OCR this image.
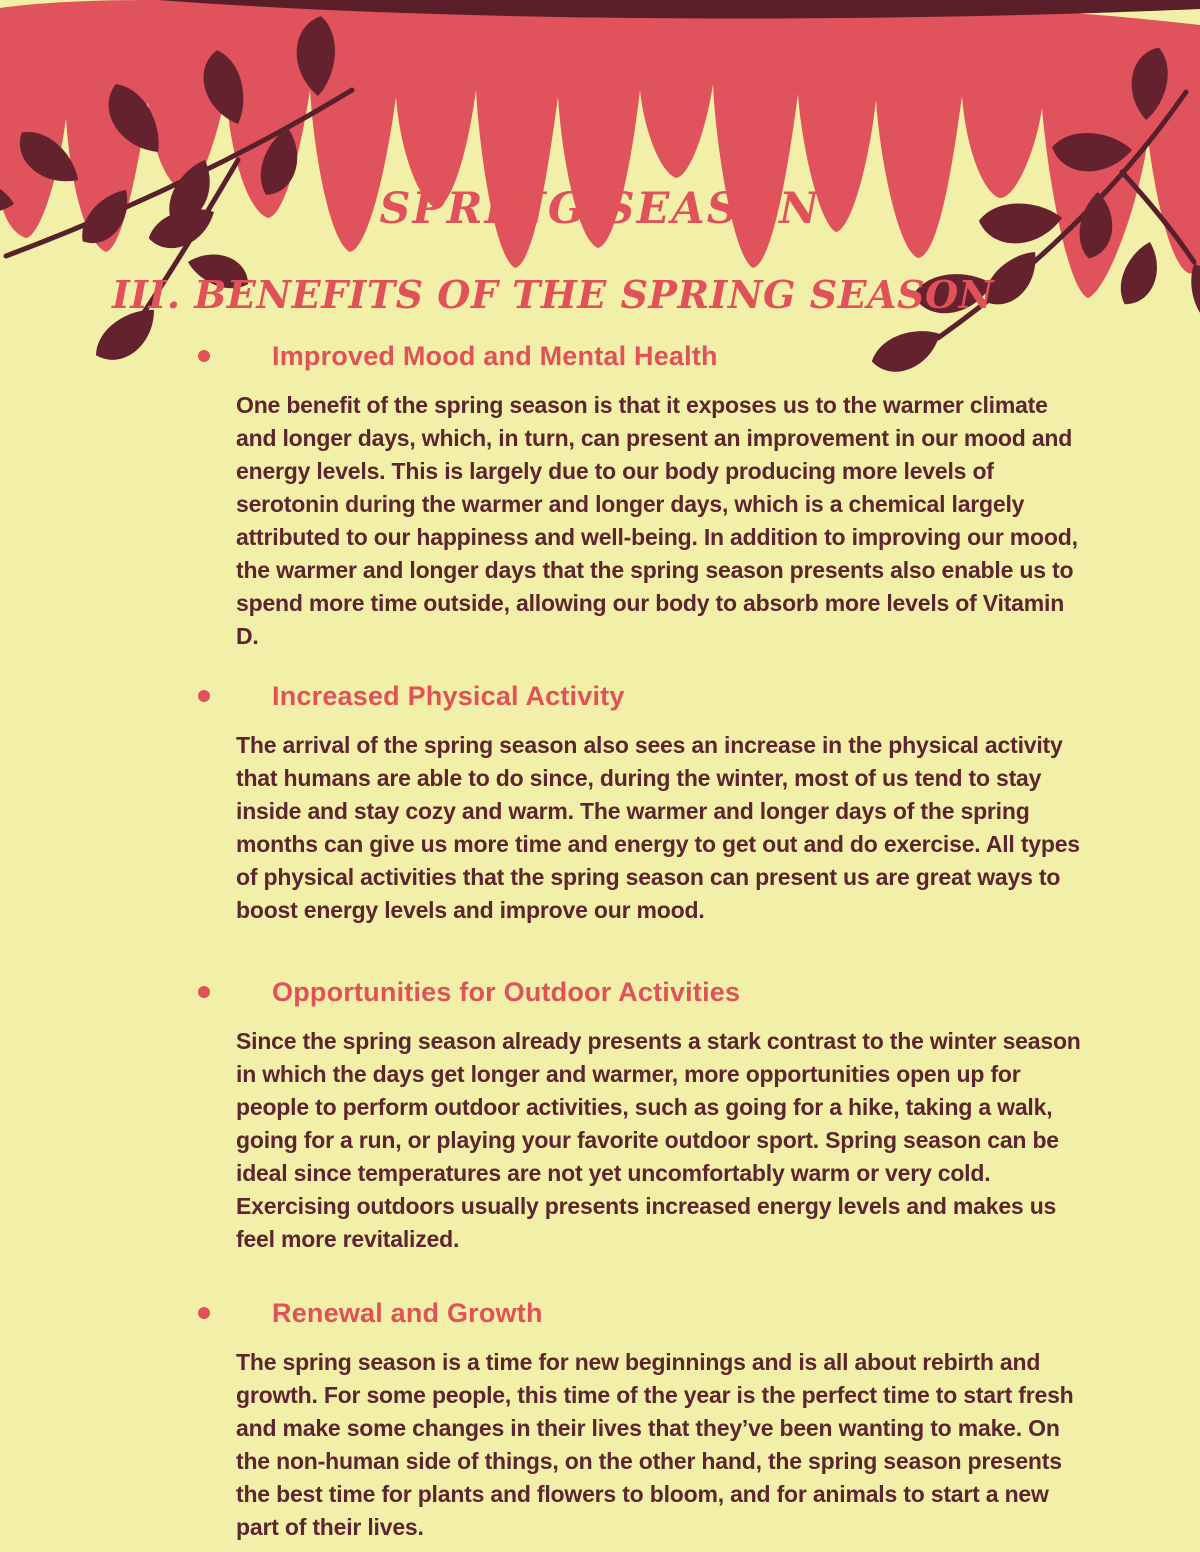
SPRING SEASON
III. BENEFITS OF THE SPRING SEASON
Improved Mood and Mental Health

One benefit of the spring season is that it exposes us to the warmer climate and longer days, which, in turn, can present an improvement in our mood and energy levels. This is largely due to our body producing more levels of serotonin during the warmer and longer days, which is a chemical largely attributed to our happiness and well-being. In addition to improving our mood, the warmer and longer days that the spring season presents also enable us to spend more time outside, allowing our body to absorb more levels of Vitamin D.

Increased Physical Activity

The arrival of the spring season also sees an increase in the physical activity that humans are able to do since, during the winter, most of us tend to stay inside and stay cozy and warm. The warmer and longer days of the spring months can give us more time and energy to get out and do exercise. All types of physical activities that the spring season can present us are great ways to boost energy levels and improve our mood.

Opportunities for Outdoor Activities

Since the spring season already presents a stark contrast to the winter season in which the days get longer and warmer, more opportunities open up for people to perform outdoor activities, such as going for a hike, taking a walk, going for a run, or playing your favorite outdoor sport. Spring season can be ideal since temperatures are not yet uncomfortably warm or very cold. Exercising outdoors usually presents increased energy levels and makes us feel more revitalized.

Renewal and Growth

The spring season is a time for new beginnings and is all about rebirth and growth. For some people, this time of the year is the perfect time to start fresh and make some changes in their lives that they’ve been wanting to make. On the non-human side of things, on the other hand, the spring season presents the best time for plants and flowers to bloom, and for animals to start a new part of their lives.
